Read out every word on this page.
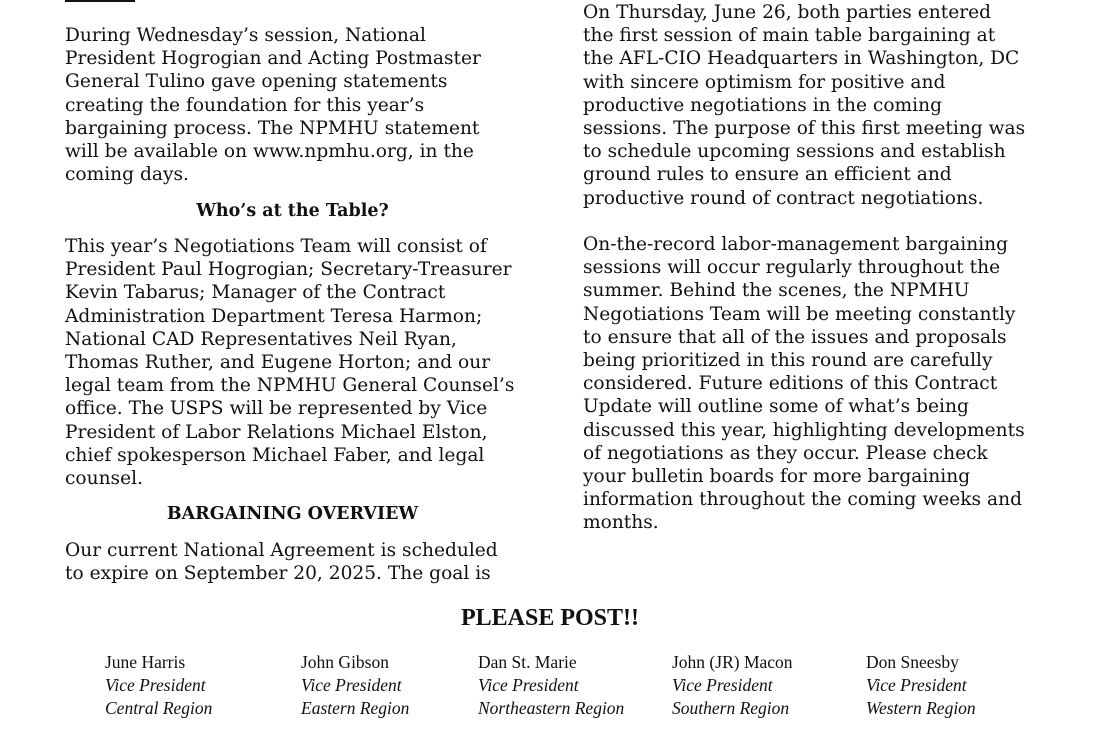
During Wednesday’s session, National
President Hogrogian and Acting Postmaster
General Tulino gave opening statements
creating the foundation for this year’s
bargaining process. The NPMHU statement
will be available on www.npmhu.org, in the
coming days.

Who’s at the Table?

This year’s Negotiations Team will consist of
President Paul Hogrogian; Secretary-Treasurer
Kevin Tabarus; Manager of the Contract
Administration Department Teresa Harmon;
National CAD Representatives Neil Ryan,
Thomas Ruther, and Eugene Horton; and our
legal team from the NPMHU General Counsel’s
office. The USPS will be represented by Vice
President of Labor Relations Michael Elston,
chief spokesperson Michael Faber, and legal
counsel.

BARGAINING OVERVIEW

Our current National Agreement is scheduled
to expire on September 20, 2025. The goal is

On Thursday, June 26, both parties entered
the first session of main table bargaining at
the AFL-CIO Headquarters in Washington, DC
with sincere optimism for positive and
productive negotiations in the coming
sessions. The purpose of this first meeting was
to schedule upcoming sessions and establish
ground rules to ensure an efficient and
productive round of contract negotiations.

On-the-record labor-management bargaining
sessions will occur regularly throughout the
summer. Behind the scenes, the NPMHU
Negotiations Team will be meeting constantly
to ensure that all of the issues and proposals
being prioritized in this round are carefully
considered. Future editions of this Contract
Update will outline some of what’s being
discussed this year, highlighting developments
of negotiations as they occur. Please check
your bulletin boards for more bargaining
information throughout the coming weeks and
months.

PLEASE POST!!
June Harris
Vice President
Central Region
John Gibson
Vice President
Eastern Region
Dan St. Marie
Vice President
Northeastern Region
John (JR) Macon
Vice President
Southern Region
Don Sneesby
Vice President
Western Region
